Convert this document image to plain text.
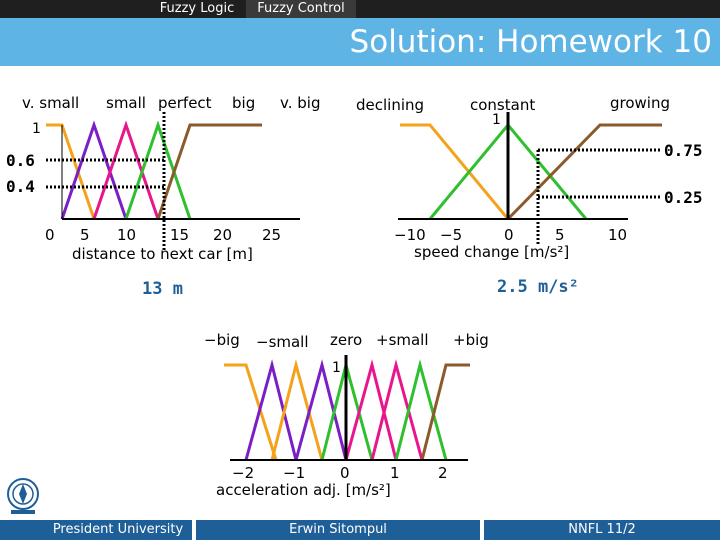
Fuzzy Logic	Fuzzy Control
Solution: Homework 10
v. small small perfect big v. big
1
0.6
0.4
0 5 10 15 20 25
distance to next car [m]
13 m
declining	constant	growing
1
0.75
0.25
−10 −5	0	5	10
speed change [m/s²]
2.5 m/s²
−big −small zero +small +big
1
−2 −1 0	1	2
acceleration adj. [m/s²]
President University	Erwin Sitompul	NNFL 11/2
